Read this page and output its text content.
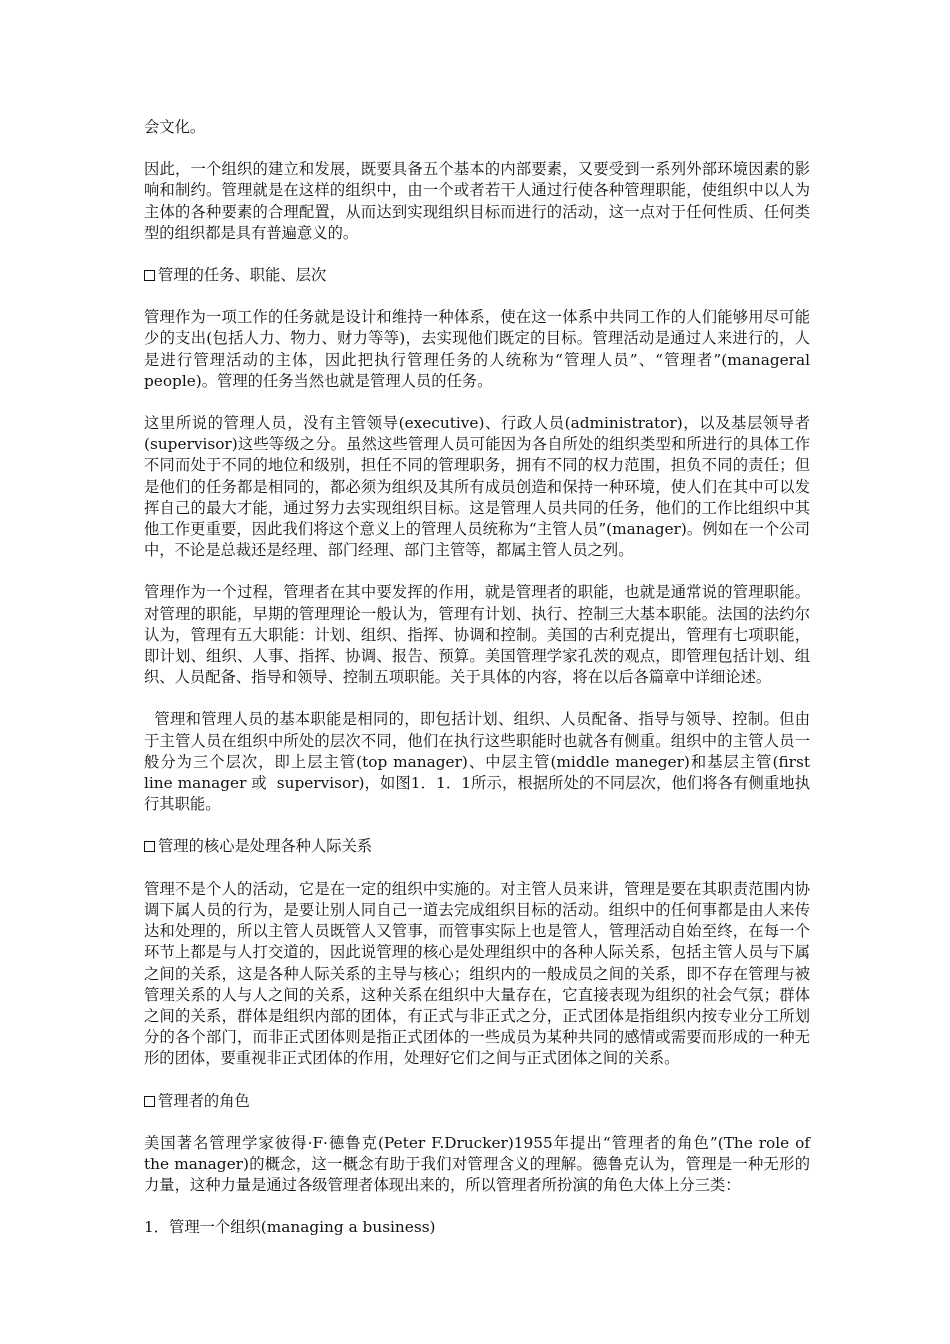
会文化。

因此，一个组织的建立和发展，既要具备五个基本的内部要素，又要受到一系列外部环境因素的影响和制约。管理就是在这样的组织中，由一个或者若干人通过行使各种管理职能，使组织中以人为主体的各种要素的合理配置，从而达到实现组织目标而进行的活动，这一点对于任何性质、任何类型的组织都是具有普遍意义的。

管理的任务、职能、层次

管理作为一项工作的任务就是设计和维持一种体系，使在这一体系中共同工作的人们能够用尽可能少的支出(包括人力、物力、财力等等)，去实现他们既定的目标。管理活动是通过人来进行的，人是进行管理活动的主体，因此把执行管理任务的人统称为“管理人员”、“管理者”(manageral people)。管理的任务当然也就是管理人员的任务。

这里所说的管理人员，没有主管领导(executive)、行政人员(administrator)，以及基层领导者(supervisor)这些等级之分。虽然这些管理人员可能因为各自所处的组织类型和所进行的具体工作不同而处于不同的地位和级别，担任不同的管理职务，拥有不同的权力范围，担负不同的责任；但是他们的任务都是相同的，都必须为组织及其所有成员创造和保持一种环境，使人们在其中可以发挥自己的最大才能，通过努力去实现组织目标。这是管理人员共同的任务，他们的工作比组织中其他工作更重要，因此我们将这个意义上的管理人员统称为“主管人员”(manager)。例如在一个公司中，不论是总裁还是经理、部门经理、部门主管等，都属主管人员之列。

管理作为一个过程，管理者在其中要发挥的作用，就是管理者的职能，也就是通常说的管理职能。对管理的职能，早期的管理理论一般认为，管理有计划、执行、控制三大基本职能。法国的法约尔认为，管理有五大职能：计划、组织、指挥、协调和控制。美国的古利克提出，管理有七项职能，即计划、组织、人事、指挥、协调、报告、预算。美国管理学家孔茨的观点，即管理包括计划、组织、人员配备、指导和领导、控制五项职能。关于具体的内容，将在以后各篇章中详细论述。

管理和管理人员的基本职能是相同的，即包括计划、组织、人员配备、指导与领导、控制。但由于主管人员在组织中所处的层次不同，他们在执行这些职能时也就各有侧重。组织中的主管人员一般分为三个层次，即上层主管(top manager)、中层主管(middle maneger)和基层主管(first line manager 或  supervisor)，如图1．1．1所示，根据所处的不同层次，他们将各有侧重地执行其职能。

管理的核心是处理各种人际关系

管理不是个人的活动，它是在一定的组织中实施的。对主管人员来讲，管理是要在其职责范围内协调下属人员的行为，是要让别人同自己一道去完成组织目标的活动。组织中的任何事都是由人来传达和处理的，所以主管人员既管人又管事，而管事实际上也是管人，管理活动自始至终，在每一个环节上都是与人打交道的，因此说管理的核心是处理组织中的各种人际关系，包括主管人员与下属之间的关系，这是各种人际关系的主导与核心；组织内的一般成员之间的关系，即不存在管理与被管理关系的人与人之间的关系，这种关系在组织中大量存在，它直接表现为组织的社会气氛；群体之间的关系，群体是组织内部的团体，有正式与非正式之分，正式团体是指组织内按专业分工所划分的各个部门，而非正式团体则是指正式团体的一些成员为某种共同的感情或需要而形成的一种无形的团体，要重视非正式团体的作用，处理好它们之间与正式团体之间的关系。

管理者的角色

美国著名管理学家彼得·F·德鲁克(Peter F.Drucker)1955年提出“管理者的角色”(The role of the manager)的概念，这一概念有助于我们对管理含义的理解。德鲁克认为，管理是一种无形的力量，这种力量是通过各级管理者体现出来的，所以管理者所扮演的角色大体上分三类：

1．管理一个组织(managing a business)
